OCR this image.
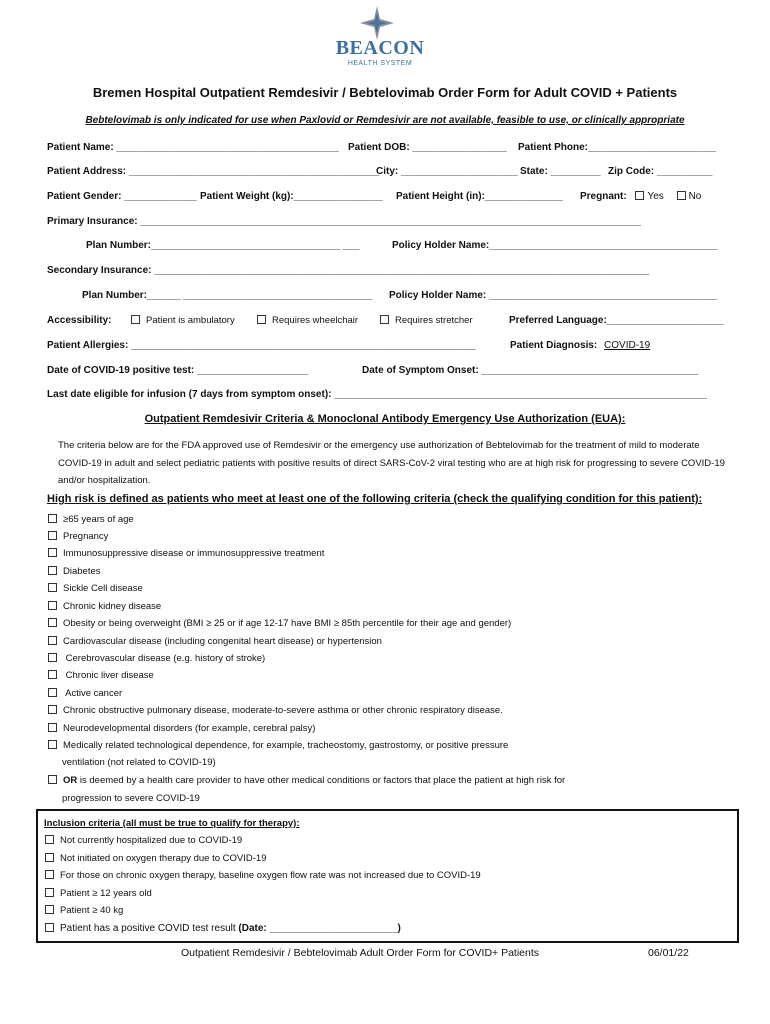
BEACON
HEALTH SYSTEM
Bremen Hospital Outpatient Remdesivir / Bebtelovimab Order Form for Adult COVID + Patients
Bebtelovimab is only indicated for use when Paxlovid or Remdesivir are not available, feasible to use, or clinically appropriate
Patient Name: ________________________________________ Patient DOB: _________________ Patient Phone:_______________________
Patient Address: _____________________________________________
City: _____________________ State: _________ Zip Code: __________
Patient Gender: _____________ Patient Weight (kg):________________ Patient Height (in):______________ Pregnant: Yes No
Primary Insurance: __________________________________________________________________________________________
Plan Number:__________________________________ ___	Policy Holder Name:_________________________________________
Secondary Insurance: _________________________________________________________________________________________
Plan Number:______ __________________________________ Policy Holder Name: _________________________________________
Accessibility:	Patient is ambulatory	Requires wheelchair	Requires stretcher	Preferred Language:_____________________
Patient Allergies: ______________________________________________________________	Patient Diagnosis: COVID-19
Date of COVID-19 positive test: ____________________	Date of Symptom Onset: _______________________________________
Last date eligible for infusion (7 days from symptom onset): ___________________________________________________________________
Outpatient Remdesivir Criteria & Monoclonal Antibody Emergency Use Authorization (EUA):
The criteria below are for the FDA approved use of Remdesivir or the emergency use authorization of Bebtelovimab for the treatment of mild to moderate COVID-19 in adult and select pediatric patients with positive results of direct SARS-CoV-2 viral testing who are at high risk for progressing to severe COVID-19 and/or hospitalization.
High risk is defined as patients who meet at least one of the following criteria (check the qualifying condition for this patient):
≥65 years of age
Pregnancy
Immunosuppressive disease or immunosuppressive treatment
Diabetes
Sickle Cell disease
Chronic kidney disease
Obesity or being overweight (BMI ≥ 25 or if age 12-17 have BMI ≥ 85th percentile for their age and gender)
Cardiovascular disease (including congenital heart disease) or hypertension
Cerebrovascular disease (e.g. history of stroke)
Chronic liver disease
Active cancer
Chronic obstructive pulmonary disease, moderate-to-severe asthma or other chronic respiratory disease.
Neurodevelopmental disorders (for example, cerebral palsy)
Medically related technological dependence, for example, tracheostomy, gastrostomy, or positive pressure
ventilation (not related to COVID-19)
OR is deemed by a health care provider to have other medical conditions or factors that place the patient at high risk for
progression to severe COVID-19
Inclusion criteria (all must be true to qualify for therapy):
Not currently hospitalized due to COVID-19
Not initiated on oxygen therapy due to COVID-19
For those on chronic oxygen therapy, baseline oxygen flow rate was not increased due to COVID-19
Patient ≥ 12 years old
Patient ≥ 40 kg
Patient has a positive COVID test result (Date: _______________________)
Outpatient Remdesivir / Bebtelovimab Adult Order Form for COVID+ Patients	06/01/22
